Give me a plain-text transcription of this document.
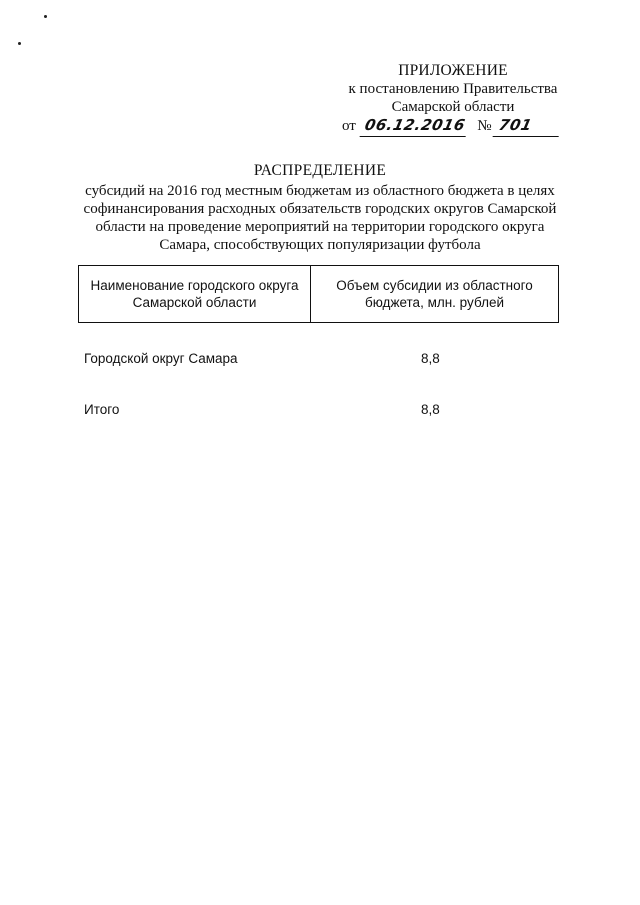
ПРИЛОЖЕНИЕ
к постановлению Правительства
Самарской области
от 06.12.2016 № 701
РАСПРЕДЕЛЕНИЕ
субсидий на 2016 год местным бюджетам из областного бюджета в целях
софинансирования расходных обязательств городских округов Самарской
области на проведение мероприятий на территории городского округа
Самара, способствующих популяризации футбола
Наименование городского округа Самарской области	Объем субсидии из областного бюджета, млн. рублей
Городской округ Самара	8,8
Итого	8,8
